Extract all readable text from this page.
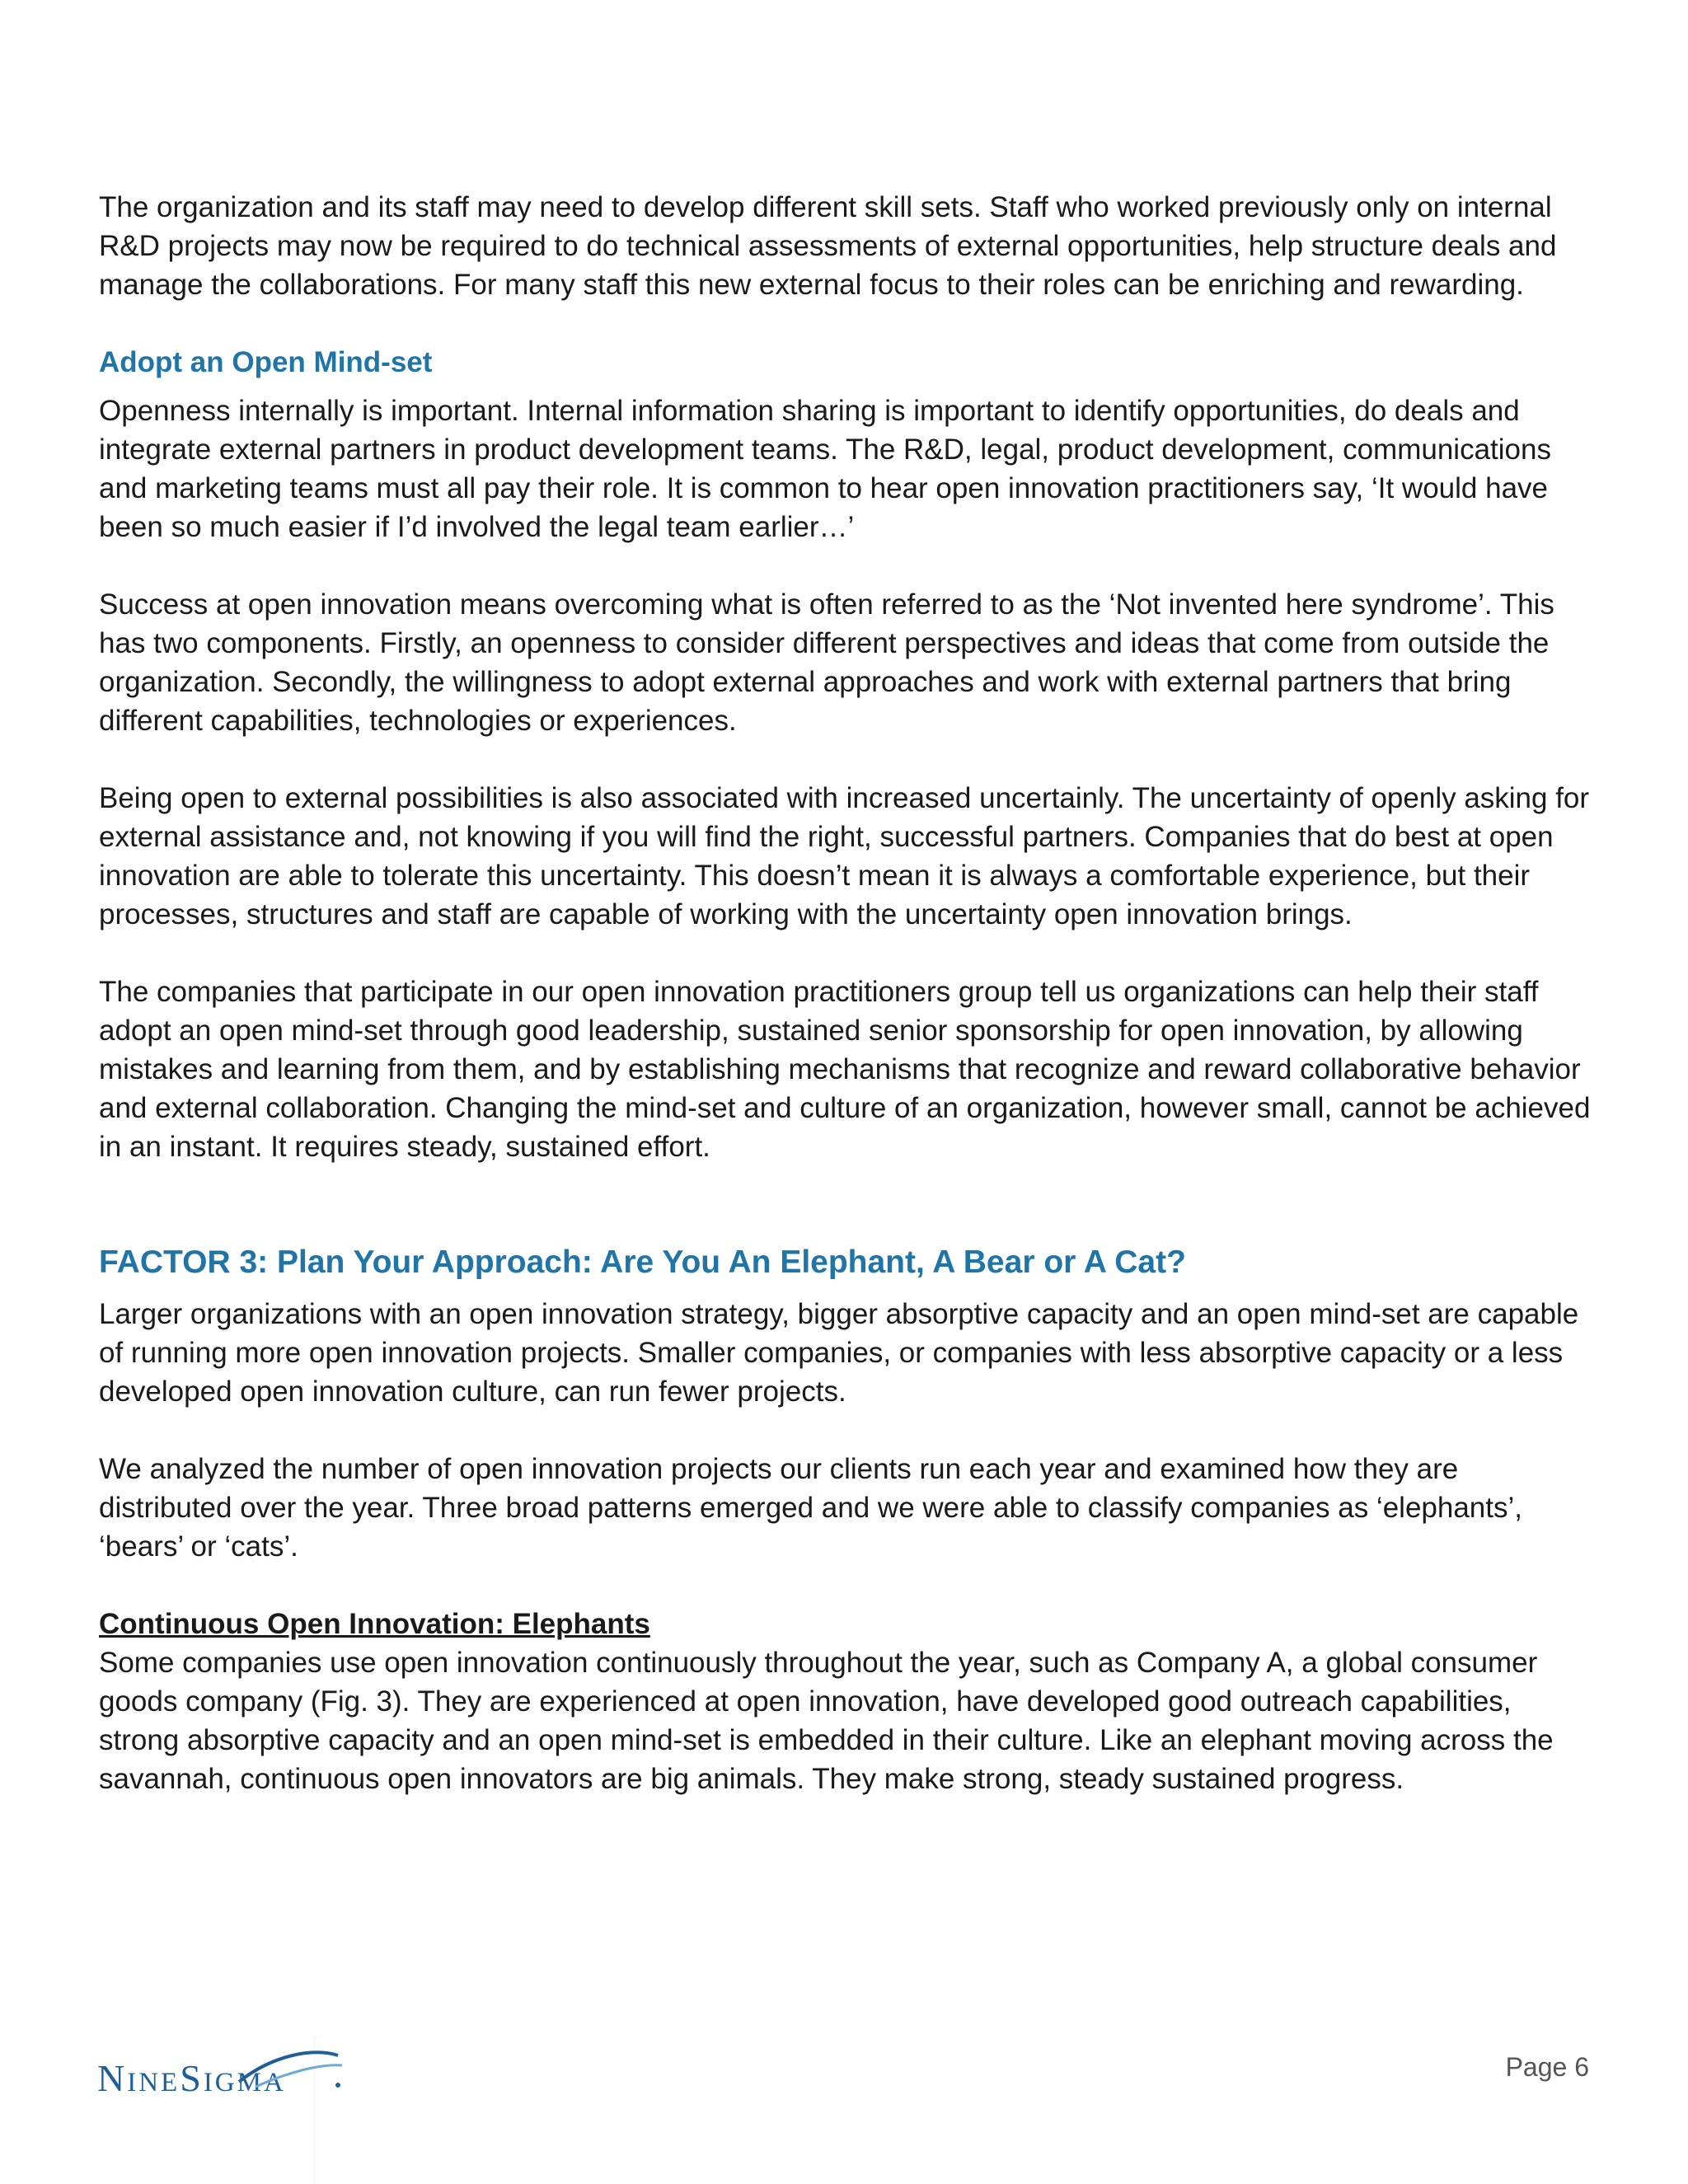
The organization and its staff may need to develop different skill sets. Staff who worked previously only on internal R&D projects may now be required to do technical assessments of external opportunities, help structure deals and manage the collaborations. For many staff this new external focus to their roles can be enriching and rewarding.

Adopt an Open Mind-set

Openness internally is important. Internal information sharing is important to identify opportunities, do deals and integrate external partners in product development teams. The R&D, legal, product development, communications and marketing teams must all pay their role. It is common to hear open innovation practitioners say, ‘It would have been so much easier if I’d involved the legal team earlier…’

Success at open innovation means overcoming what is often referred to as the ‘Not invented here syndrome’. This has two components. Firstly, an openness to consider different perspectives and ideas that come from outside the organization. Secondly, the willingness to adopt external approaches and work with external partners that bring different capabilities, technologies or experiences.

Being open to external possibilities is also associated with increased uncertainly. The uncertainty of openly asking for external assistance and, not knowing if you will find the right, successful partners. Companies that do best at open innovation are able to tolerate this uncertainty. This doesn’t mean it is always a comfortable experience, but their processes, structures and staff are capable of working with the uncertainty open innovation brings.

The companies that participate in our open innovation practitioners group tell us organizations can help their staff adopt an open mind-set through good leadership, sustained senior sponsorship for open innovation, by allowing mistakes and learning from them, and by establishing mechanisms that recognize and reward collaborative behavior and external collaboration. Changing the mind-set and culture of an organization, however small, cannot be achieved in an instant. It requires steady, sustained effort.

FACTOR 3: Plan Your Approach: Are You An Elephant, A Bear or A Cat?

Larger organizations with an open innovation strategy, bigger absorptive capacity and an open mind-set are capable of running more open innovation projects. Smaller companies, or companies with less absorptive capacity or a less developed open innovation culture, can run fewer projects.

We analyzed the number of open innovation projects our clients run each year and examined how they are distributed over the year. Three broad patterns emerged and we were able to classify companies as ‘elephants’, ‘bears’ or ‘cats’.

Continuous Open Innovation: Elephants

Some companies use open innovation continuously throughout the year, such as Company A, a global consumer goods company (Fig. 3). They are experienced at open innovation, have developed good outreach capabilities, strong absorptive capacity and an open mind-set is embedded in their culture. Like an elephant moving across the savannah, continuous open innovators are big animals. They make strong, steady sustained progress.

NINESIGMA
Page 6
